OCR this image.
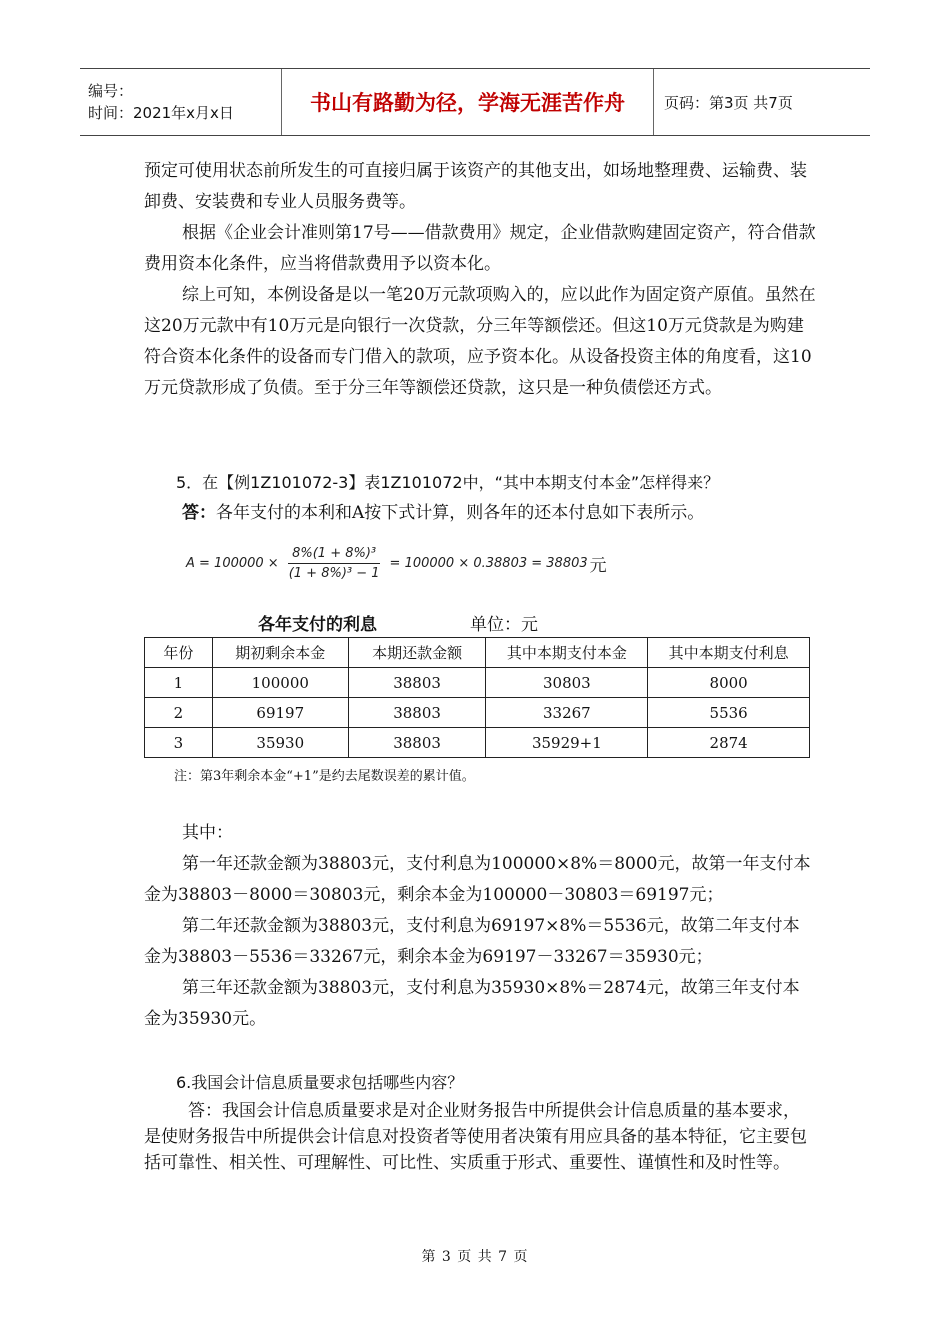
编号：
时间：2021年x月x日	书山有路勤为径，学海无涯苦作舟	页码：第3页 共7页

预定可使用状态前所发生的可直接归属于该资产的其他支出，如场地整理费、运输费、装卸费、安装费和专业人员服务费等。

根据《企业会计准则第17号——借款费用》规定，企业借款购建固定资产，符合借款费用资本化条件，应当将借款费用予以资本化。

综上可知，本例设备是以一笔20万元款项购入的，应以此作为固定资产原值。虽然在这20万元款中有10万元是向银行一次贷款，分三年等额偿还。但这10万元贷款是为购建符合资本化条件的设备而专门借入的款项，应予资本化。从设备投资主体的角度看，这10万元贷款形成了负债。至于分三年等额偿还贷款，这只是一种负债偿还方式。

5．在【例1Z101072-3】表1Z101072中，“其中本期支付本金”怎样得来？

答：各年支付的本利和A按下式计算，则各年的还本付息如下表所示。

$A = 100000 \times \frac{\text{8\%(1 + 8\%)³}}{\text{(1 + 8\%)³ − 1}} = 100000 \times 0.38803 = 38803$ 元
各年支付的利息	单位：元
年份	期初剩余本金	本期还款金额	其中本期支付本金	其中本期支付利息
1	100000	38803	30803	8000
2	69197	38803	33267	5536
3	35930	38803	35929+1	2874

注：第3年剩余本金“+1”是约去尾数误差的累计值。

其中：

第一年还款金额为38803元，支付利息为100000×8%＝8000元，故第一年支付本金为38803－8000＝30803元，剩余本金为100000－30803＝69197元；

第二年还款金额为38803元，支付利息为69197×8%＝5536元，故第二年支付本金为38803－5536＝33267元，剩余本金为69197－33267＝35930元；

第三年还款金额为38803元，支付利息为35930×8%＝2874元，故第三年支付本金为35930元。

6.我国会计信息质量要求包括哪些内容？

答：我国会计信息质量要求是对企业财务报告中所提供会计信息质量的基本要求，是使财务报告中所提供会计信息对投资者等使用者决策有用应具备的基本特征，它主要包括可靠性、相关性、可理解性、可比性、实质重于形式、重要性、谨慎性和及时性等。

第 3 页 共 7 页
